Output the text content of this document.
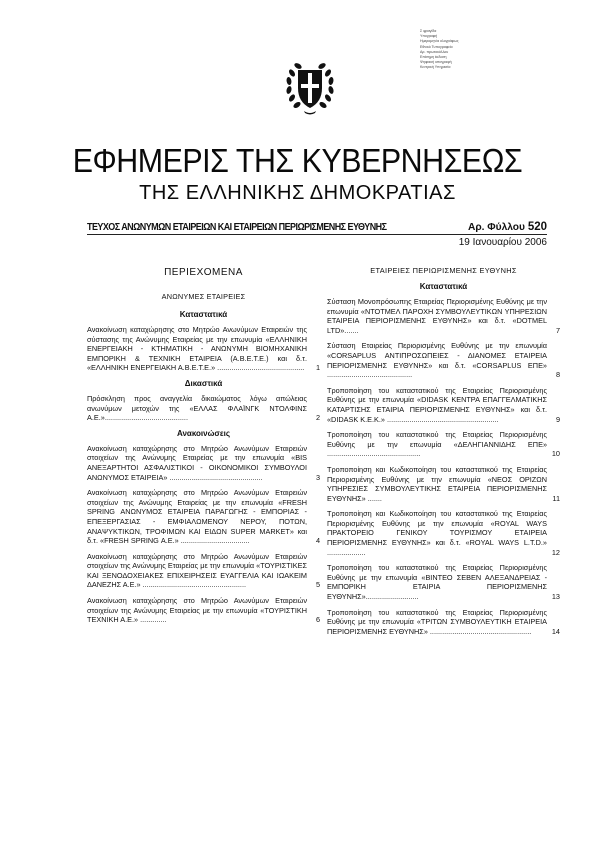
Σ φραγίδα
Υπογραφή
Ημερομηνία ολογράφως
Εθνικό Τυπογραφείο
Αρ. πρωτοκόλλου
Επίσημη έκδοση
Ψηφιακή υπογραφή
Κεντρική Υπηρεσία
ΕΦΗΜΕΡΙΣ ΤΗΣ ΚΥΒΕΡΝΗΣΕΩΣ
ΤΗΣ ΕΛΛΗΝΙΚΗΣ ΔΗΜΟΚΡΑΤΙΑΣ
ΤΕΥΧΟΣ ΑΝΩΝΥΜΩΝ ΕΤΑΙΡΕΙΩΝ ΚΑΙ ΕΤΑΙΡΕΙΩΝ ΠΕΡΙΩΡΙΣΜΕΝΗΣ ΕΥΘΥΝΗΣ	Αρ. Φύλλου 520
19 Ιανουαρίου 2006
ΠΕΡΙΕΧΟΜΕΝΑ
ΑΝΩΝΥΜΕΣ ΕΤΑΙΡΕΙΕΣ
Καταστατικά
Ανακοίνωση καταχώρησης στο Μητρώο Ανωνύμων Εταιρειών της σύστασης της Ανώνυμης Εταιρείας με την επωνυμία «ΕΛΛΗΝΙΚΗ ΕΝΕΡΓΕΙΑΚΗ - ΚΤΗΜΑΤΙΚΗ - ΑΝΩΝΥΜΗ ΒΙΟΜΗΧΑΝΙΚΗ ΕΜΠΟΡΙΚΗ & ΤΕΧΝΙΚΗ ΕΤΑΙΡΕΙΑ (Α.Β.Ε.Τ.Ε.) και δ.τ. «ΕΛΛΗΝΙΚΗ ΕΝΕΡΓΕΙΑΚΗ Α.Β.Ε.Τ.Ε.» ...........................................	1
Δικαστικά
Πρόσκληση προς αναγγελία δικαιώματος λόγω απώλειας ανωνύμων μετοχών της «ΕΛΛΑΣ ΦΛΑΪΝΓΚ ΝΤΟΛΦΙΝΣ Α.Ε.».........................................	2
Ανακοινώσεις
Ανακοίνωση καταχώρησης στο Μητρώο Ανωνύμων Εταιρειών στοιχείων της Ανώνυμης Εταιρείας με την επωνυμία «BIS ΑΝΕΞΑΡΤΗΤΟΙ ΑΣΦΑΛΙΣΤΙΚΟΙ - ΟΙΚΟΝΟΜΙΚΟΙ ΣΥΜΒΟΥΛΟΙ ΑΝΩΝΥΜΟΣ ΕΤΑΙΡΕΙΑ» ..............................................	3
Ανακοίνωση καταχώρησης στο Μητρώο Ανωνύμων Εταιρειών στοιχείων της Ανώνυμης Εταιρείας με την επωνυμία «FRESH SPRING ΑΝΩΝΥΜΟΣ ΕΤΑΙΡΕΙΑ ΠΑΡΑΓΩΓΗΣ - ΕΜΠΟΡΙΑΣ - ΕΠΕΞΕΡΓΑΣΙΑΣ - ΕΜΦΙΑΛΩΜΕΝΟΥ ΝΕΡΟΥ, ΠΟΤΩΝ, ΑΝΑΨΥΚΤΙΚΩΝ, ΤΡΟΦΙΜΩΝ ΚΑΙ ΕΙΔΩΝ SUPER MARKET» και δ.τ. «FRESH SPRING Α.Ε.» ..................................	4
Ανακοίνωση καταχώρησης στο Μητρώο Ανωνύμων Εταιρειών στοιχείων της Ανώνυμης Εταιρείας με την επωνυμία «ΤΟΥΡΙΣΤΙΚΕΣ ΚΑΙ ΞΕΝΟΔΟΧΕΙΑΚΕΣ ΕΠΙΧΕΙΡΗΣΕΙΣ ΕΥΑΓΓΕΛΙΑ ΚΑΙ ΙΩΑΚΕΙΜ ΔΑΝΕΖΗΣ Α.Ε.» ...................................................	5
Ανακοίνωση καταχώρησης στο Μητρώο Ανωνύμων Εταιρειών στοιχείων της Ανώνυμης Εταιρείας με την επωνυμία «ΤΟΥΡΙΣΤΙΚΗ ΤΕΧΝΙΚΗ Α.Ε.» .............	6
ΕΤΑΙΡΕΙΕΣ ΠΕΡΙΩΡΙΣΜΕΝΗΣ ΕΥΘΥΝΗΣ
Καταστατικά
Σύσταση Μονοπρόσωπης Εταιρείας Περιορισμένης Ευθύνης με την επωνυμία «ΝΤΟΤΜΕΛ ΠΑΡΟΧΗ ΣΥΜΒΟΥΛΕΥΤΙΚΩΝ ΥΠΗΡΕΣΙΩΝ ΕΤΑΙΡΕΙΑ ΠΕΡΙΟΡΙΣΜΕΝΗΣ ΕΥΘΥΝΗΣ» και δ.τ. «DOTMEL LTD».......	7
Σύσταση Εταιρείας Περιορισμένης Ευθύνης με την επωνυμία «CORSAPLUS ΑΝΤΙΠΡΟΣΩΠΕΙΕΣ - ΔΙΑΝΟΜΕΣ ΕΤΑΙΡΕΙΑ ΠΕΡΙΟΡΙΣΜΕΝΗΣ ΕΥΘΥΝΗΣ» και δ.τ. «CORSAPLUS ΕΠΕ» ..........................................	8
Τροποποίηση του καταστατικού της Εταιρείας Περιορισμένης Ευθύνης με την επωνυμία «DIDASK ΚΕΝΤΡΑ ΕΠΑΓΓΕΛΜΑΤΙΚΗΣ ΚΑΤΑΡΤΙΣΗΣ ΕΤΑΙΡΙΑ ΠΕΡΙΟΡΙΣΜΕΝΗΣ ΕΥΘΥΝΗΣ» και δ.τ. «DIDASK Κ.Ε.Κ.» .......................................................	9
Τροποποίηση του καταστατικού της Εταιρείας Περιορισμένης Ευθύνης με την επωνυμία «ΔΕΛΗΓΙΑΝΝΙΔΗΣ ΕΠΕ» ..............................................	10
Τροποποίηση και Κωδικοποίηση του καταστατικού της Εταιρείας Περιορισμένης Ευθύνης με την επωνυμία «ΝΕΟΣ ΟΡΙΖΩΝ ΥΠΗΡΕΣΙΕΣ ΣΥΜΒΟΥΛΕΥΤΙΚΗΣ ΕΤΑΙΡΕΙΑ ΠΕΡΙΟΡΙΣΜΕΝΗΣ ΕΥΘΥΝΗΣ» .......	11
Τροποποίηση και Κωδικοποίηση του καταστατικού της Εταιρείας Περιορισμένης Ευθύνης με την επωνυμία «ROYAL WAYS ΠΡΑΚΤΟΡΕΙΟ ΓΕΝΙΚΟΥ ΤΟΥΡΙΣΜΟΥ ΕΤΑΙΡΕΙΑ ΠΕΡΙΟΡΙΣΜΕΝΗΣ ΕΥΘΥΝΗΣ» και δ.τ. «ROYAL WAYS L.T.D.» ...................	12
Τροποποίηση του καταστατικού της Εταιρείας Περιορισμένης Ευθύνης με την επωνυμία «ΒΙΝΤΕΟ ΣΕΒΕΝ ΑΛΕΞΑΝΔΡΕΙΑΣ - ΕΜΠΟΡΙΚΗ ΕΤΑΙΡΙΑ ΠΕΡΙΟΡΙΣΜΕΝΗΣ ΕΥΘΥΝΗΣ»..........................	13
Τροποποίηση του καταστατικού της Εταιρείας Περιορισμένης Ευθύνης με την επωνυμία «ΤΡΙΤΩΝ ΣΥΜΒΟΥΛΕΥΤΙΚΗ ΕΤΑΙΡΕΙΑ ΠΕΡΙΟΡΙΣΜΕΝΗΣ ΕΥΘΥΝΗΣ» ..................................................	14
